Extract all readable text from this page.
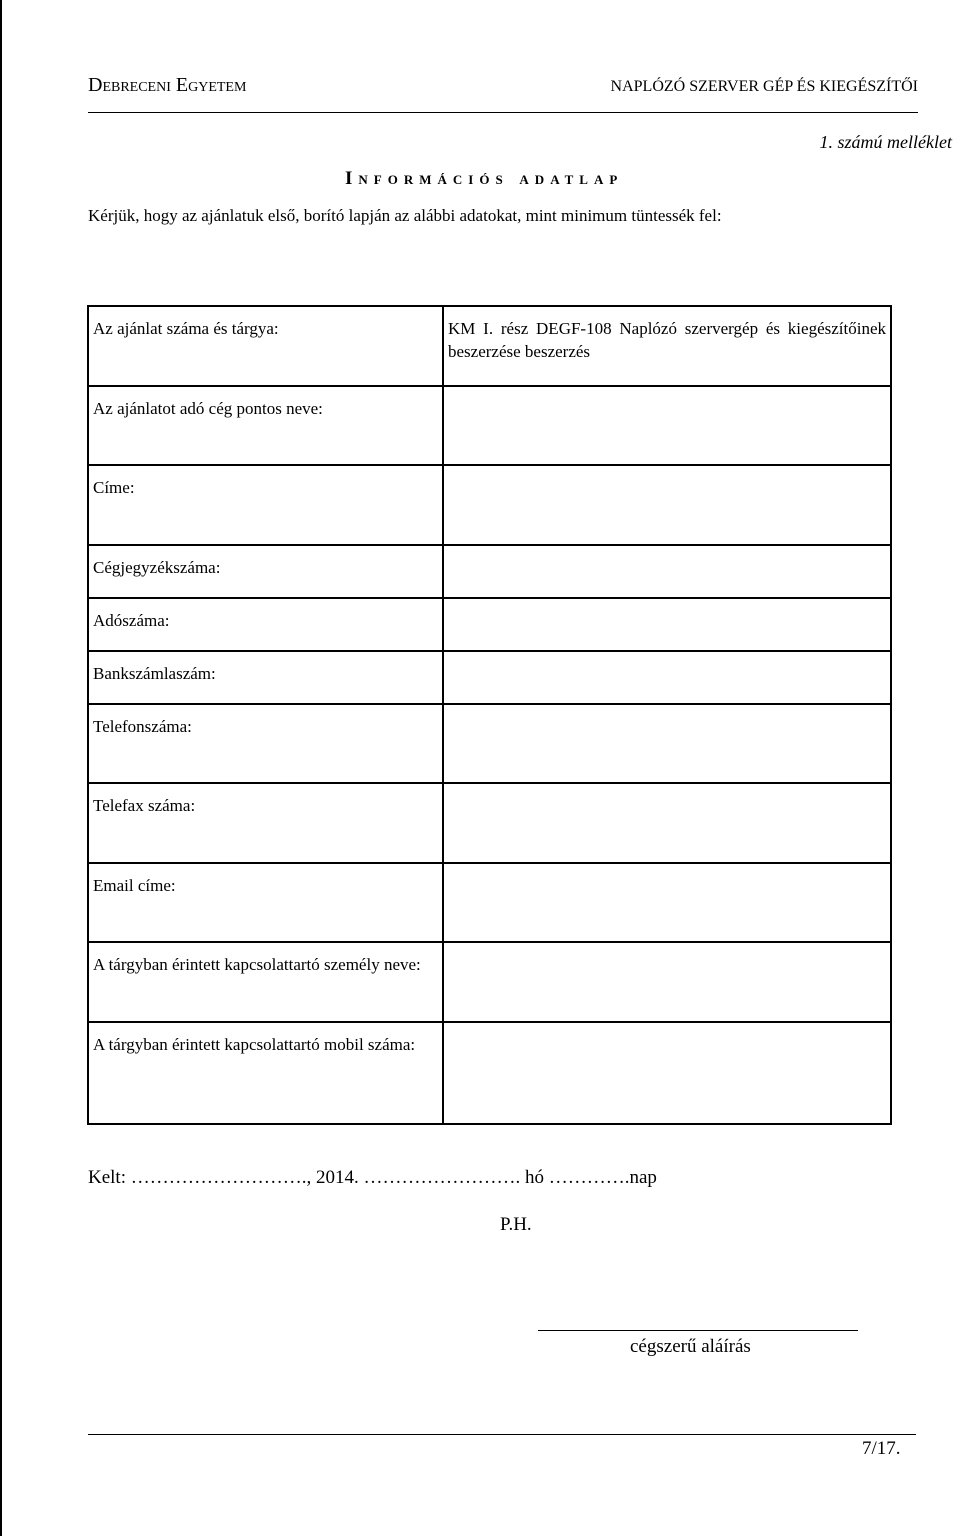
Debreceni Egyetem	NAPLÓZÓ SZERVER GÉP ÉS KIEGÉSZÍTŐI
1. számú melléklet
Információs adatlap
Kérjük, hogy az ajánlatuk első, borító lapján az alábbi adatokat, mint minimum tüntessék fel:
Az ajánlat száma és tárgya:	KM I. rész DEGF-108 Naplózó szervergép és kiegészítőinek beszerzése beszerzés
Az ajánlatot adó cég pontos neve:	
Címe:	
Cégjegyzékszáma:	
Adószáma:	
Bankszámlaszám:	
Telefonszáma:	
Telefax száma:	
Email címe:	
A tárgyban érintett kapcsolattartó személy neve:	
A tárgyban érintett kapcsolattartó mobil száma:	
Kelt: ………………………., 2014. ……………………. hó ………….nap
P.H.
cégszerű aláírás
7/17.
